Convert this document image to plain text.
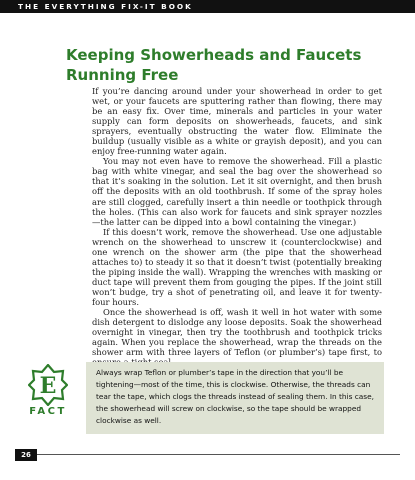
THE EVERYTHING FIX-IT BOOK
Keeping Showerheads and Faucets
Running Free

If you’re dancing around under your showerhead in order to get wet, or your faucets are sputtering rather than flowing, there may be an easy fix. Over time, minerals and particles in your water supply can form deposits on showerheads, faucets, and sink sprayers, eventually obstructing the water flow. Eliminate the buildup (usually visible as a white or grayish deposit), and you can enjoy free-running water again.

You may not even have to remove the showerhead. Fill a plastic bag with white vinegar, and seal the bag over the showerhead so that it’s soaking in the solution. Let it sit overnight, and then brush off the deposits with an old toothbrush. If some of the spray holes are still clogged, carefully insert a thin needle or toothpick through the holes. (This can also work for faucets and sink sprayer nozzles—the latter can be dipped into a bowl containing the vinegar.)

If this doesn’t work, remove the showerhead. Use one adjustable wrench on the showerhead to unscrew it (counterclockwise) and one wrench on the shower arm (the pipe that the showerhead attaches to) to steady it so that it doesn’t twist (potentially breaking the piping inside the wall). Wrapping the wrenches with masking or duct tape will prevent them from gouging the pipes. If the joint still won’t budge, try a shot of penetrating oil, and leave it for twenty-four hours.

Once the showerhead is off, wash it well in hot water with some dish detergent to dislodge any loose deposits. Soak the showerhead overnight in vinegar, then try the toothbrush and toothpick tricks again. When you replace the showerhead, wrap the threads on the shower arm with three layers of Teflon (or plumber’s) tape first, to

E
FACT
Always wrap Teflon or plumber’s tape in the direction that you’ll be tightening—most of the time, this is clockwise. Otherwise, the threads can tear the tape, which clogs the threads instead of sealing them. In this case, the showerhead will screw on clockwise, so the tape should be wrapped clockwise as well.
26
